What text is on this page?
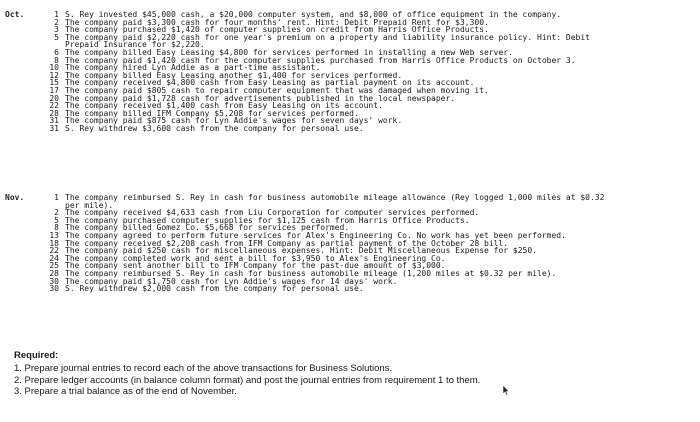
Oct.	1 S. Rey invested $45,000 cash, a $20,000 computer system, and $8,000 of office equipment in the company.
2 The company paid $3,300 cash for four months' rent. Hint: Debit Prepaid Rent for $3,300.
3 The company purchased $1,420 of computer supplies on credit from Harris Office Products.
5 The company paid $2,220 cash for one year's premium on a property and liability insurance policy. Hint: Debit
Prepaid Insurance for $2,220.
6 The company billed Easy Leasing $4,800 for services performed in installing a new Web server.
8 The company paid $1,420 cash for the computer supplies purchased from Harris Office Products on October 3.
10 The company hired Lyn Addie as a part-time assistant.
12 The company billed Easy Leasing another $1,400 for services performed.
15 The company received $4,800 cash from Easy Leasing as partial payment on its account.
17 The company paid $805 cash to repair computer equipment that was damaged when moving it.
20 The company paid $1,728 cash for advertisements published in the local newspaper.
22 The company received $1,400 cash from Easy Leasing on its account.
28 The company billed IFM Company $5,208 for services performed.
31 The company paid $875 cash for Lyn Addie's wages for seven days' work.
31 S. Rey withdrew $3,600 cash from the company for personal use.
Nov.	1 The company reimbursed S. Rey in cash for business automobile mileage allowance (Rey logged 1,000 miles at $0.32
per mile).
2 The company received $4,633 cash from Liu Corporation for computer services performed.
5 The company purchased computer supplies for $1,125 cash from Harris Office Products.
8 The company billed Gomez Co. $5,668 for services performed.
13 The company agreed to perform future services for Alex's Engineering Co. No work has yet been performed.
18 The company received $2,208 cash from IFM Company as partial payment of the October 28 bill.
22 The company paid $250 cash for miscellaneous expenses. Hint: Debit Miscellaneous Expense for $250.
24 The company completed work and sent a bill for $3,950 to Alex's Engineering Co.
25 The company sent another bill to IFM Company for the past-due amount of $3,000.
28 The company reimbursed S. Rey in cash for business automobile mileage (1,200 miles at $0.32 per mile).
30 The company paid $1,750 cash for Lyn Addie's wages for 14 days' work.
30 S. Rey withdrew $2,000 cash from the company for personal use.
Required:
1. Prepare journal entries to record each of the above transactions for Business Solutions.
2. Prepare ledger accounts (in balance column format) and post the journal entries from requirement 1 to them.
3. Prepare a trial balance as of the end of November.
